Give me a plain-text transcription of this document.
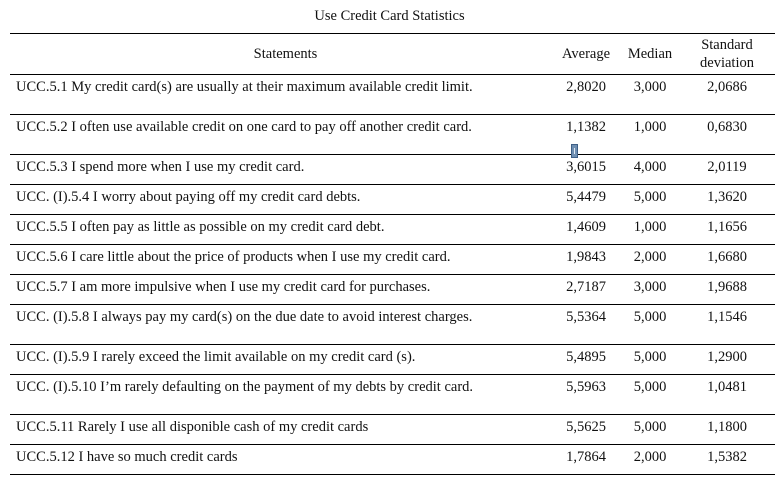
Use Credit Card Statistics
Statements	Average	Median	Standard deviation
UCC.5.1 My credit card(s) are usually at their maximum available credit limit.	2,8020	3,000	2,0686
UCC.5.2 I often use available credit on one card to pay off another credit card.	1,1382	1,000	0,6830
UCC.5.3 I spend more when I use my credit card.	3,6015	4,000	2,0119
UCC. (I).5.4 I worry about paying off my credit card debts.	5,4479	5,000	1,3620
UCC.5.5 I often pay as little as possible on my credit card debt.	1,4609	1,000	1,1656
UCC.5.6 I care little about the price of products when I use my credit card.	1,9843	2,000	1,6680
UCC.5.7 I am more impulsive when I use my credit card for purchases.	2,7187	3,000	1,9688
UCC. (I).5.8 I always pay my card(s) on the due date to avoid interest charges.	5,5364	5,000	1,1546
UCC. (I).5.9 I rarely exceed the limit available on my credit card (s).	5,4895	5,000	1,2900
UCC. (I).5.10 I’m rarely defaulting on the payment of my debts by credit card.	5,5963	5,000	1,0481
UCC.5.11 Rarely I use all disponible cash of my credit cards	5,5625	5,000	1,1800
UCC.5.12 I have so much credit cards	1,7864	2,000	1,5382
